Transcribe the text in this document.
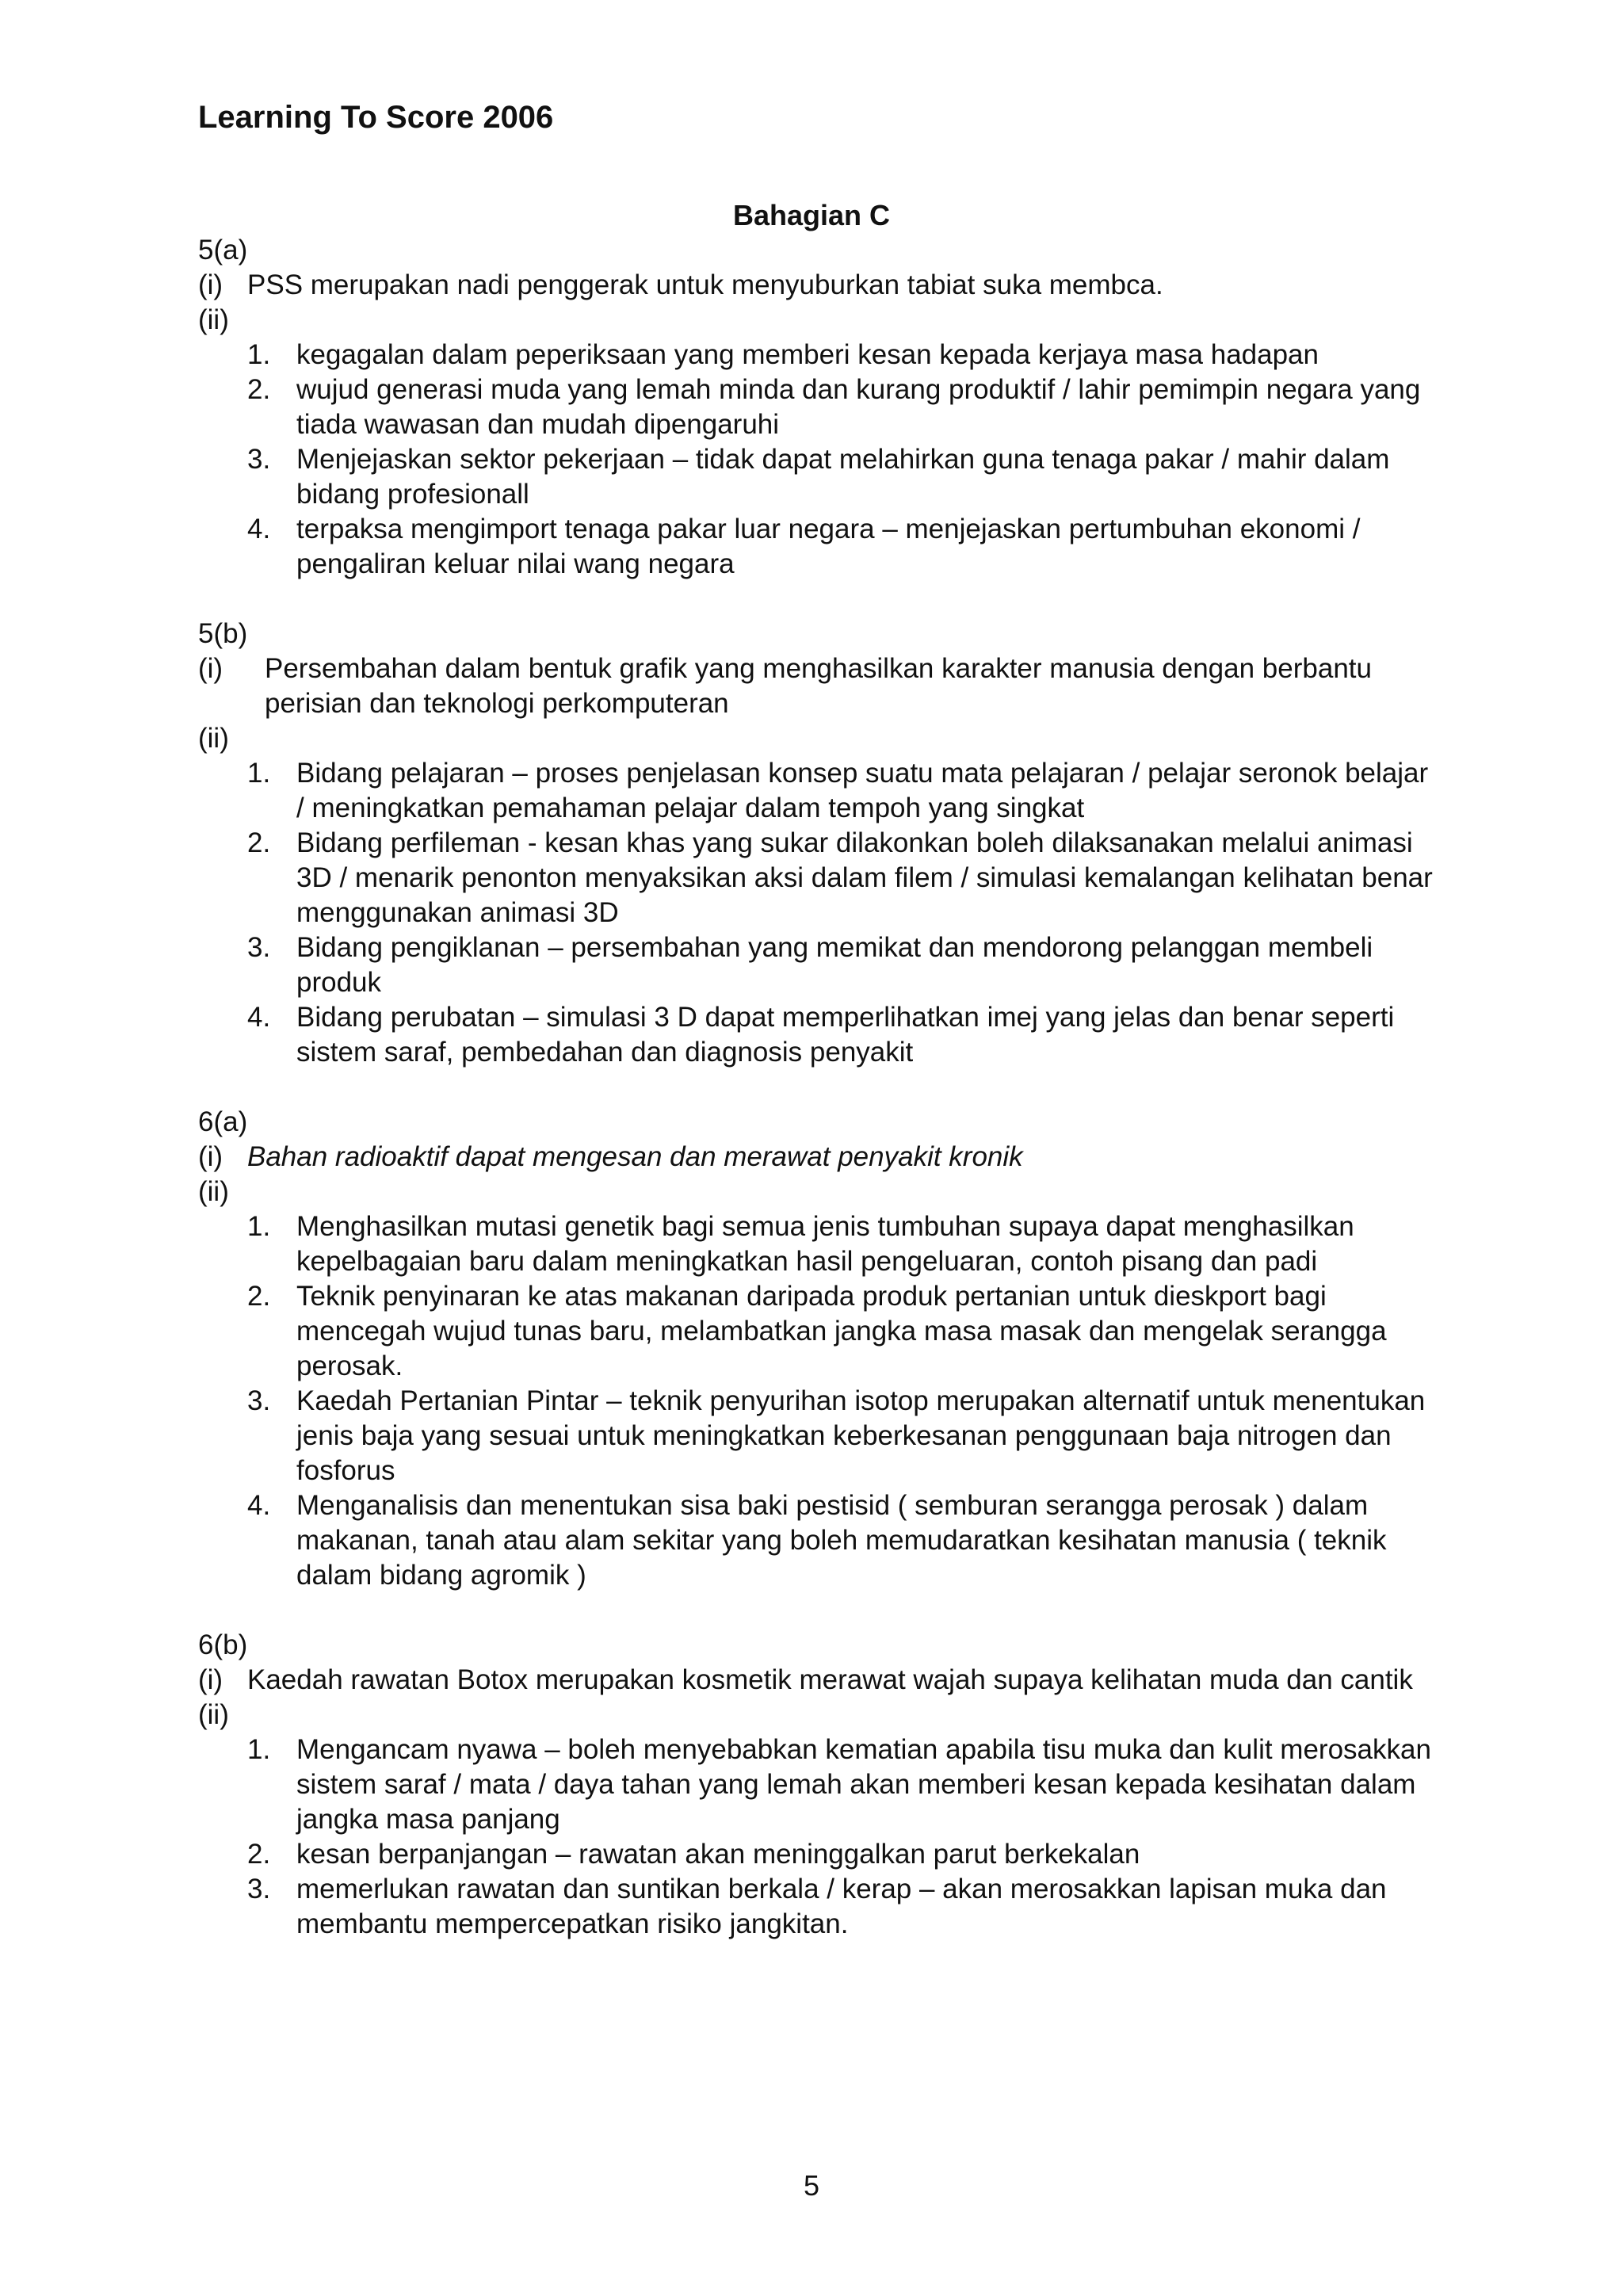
Learning To Score 2006
Bahagian C
5(a)
(i) PSS merupakan nadi penggerak untuk menyuburkan tabiat suka membca.
(ii)
1. kegagalan dalam peperiksaan yang memberi kesan kepada kerjaya masa hadapan
2. wujud generasi muda yang lemah minda dan kurang produktif / lahir pemimpin negara yang tiada wawasan dan mudah dipengaruhi
3. Menjejaskan sektor pekerjaan – tidak dapat melahirkan guna tenaga pakar / mahir dalam bidang profesionall
4. terpaksa mengimport tenaga pakar luar negara – menjejaskan pertumbuhan ekonomi / pengaliran keluar nilai wang negara
5(b)
(i) Persembahan dalam bentuk grafik yang menghasilkan karakter manusia dengan berbantu perisian dan teknologi perkomputeran
(ii)
1. Bidang pelajaran – proses penjelasan konsep suatu mata pelajaran / pelajar seronok belajar / meningkatkan pemahaman pelajar dalam tempoh yang singkat
2. Bidang perfileman - kesan khas yang sukar dilakonkan boleh dilaksanakan melalui animasi 3D / menarik penonton menyaksikan aksi dalam filem / simulasi kemalangan kelihatan benar menggunakan animasi 3D
3. Bidang pengiklanan – persembahan yang memikat dan mendorong pelanggan membeli produk
4. Bidang perubatan – simulasi 3 D dapat memperlihatkan imej yang jelas dan benar seperti sistem saraf, pembedahan dan diagnosis penyakit
6(a)
(i) Bahan radioaktif dapat mengesan dan merawat penyakit kronik
(ii)
1. Menghasilkan mutasi genetik bagi semua jenis tumbuhan supaya dapat menghasilkan kepelbagaian baru dalam meningkatkan hasil pengeluaran, contoh pisang dan padi
2. Teknik penyinaran ke atas makanan daripada produk pertanian untuk dieskport bagi mencegah wujud tunas baru, melambatkan jangka masa masak dan mengelak serangga perosak.
3. Kaedah Pertanian Pintar – teknik penyurihan isotop merupakan alternatif untuk menentukan jenis baja yang sesuai untuk meningkatkan keberkesanan penggunaan baja nitrogen dan fosforus
4. Menganalisis dan menentukan sisa baki pestisid ( semburan serangga perosak ) dalam makanan, tanah atau alam sekitar yang boleh memudaratkan kesihatan manusia ( teknik dalam bidang agromik )
6(b)
(i) Kaedah rawatan Botox merupakan kosmetik merawat wajah supaya kelihatan muda dan cantik
(ii)
1. Mengancam nyawa – boleh menyebabkan kematian apabila tisu muka dan kulit merosakkan sistem saraf / mata / daya tahan yang lemah akan memberi kesan kepada kesihatan dalam jangka masa panjang
2. kesan berpanjangan – rawatan akan meninggalkan parut berkekalan
3. memerlukan rawatan dan suntikan berkala / kerap – akan merosakkan lapisan muka dan membantu mempercepatkan risiko jangkitan.
5
